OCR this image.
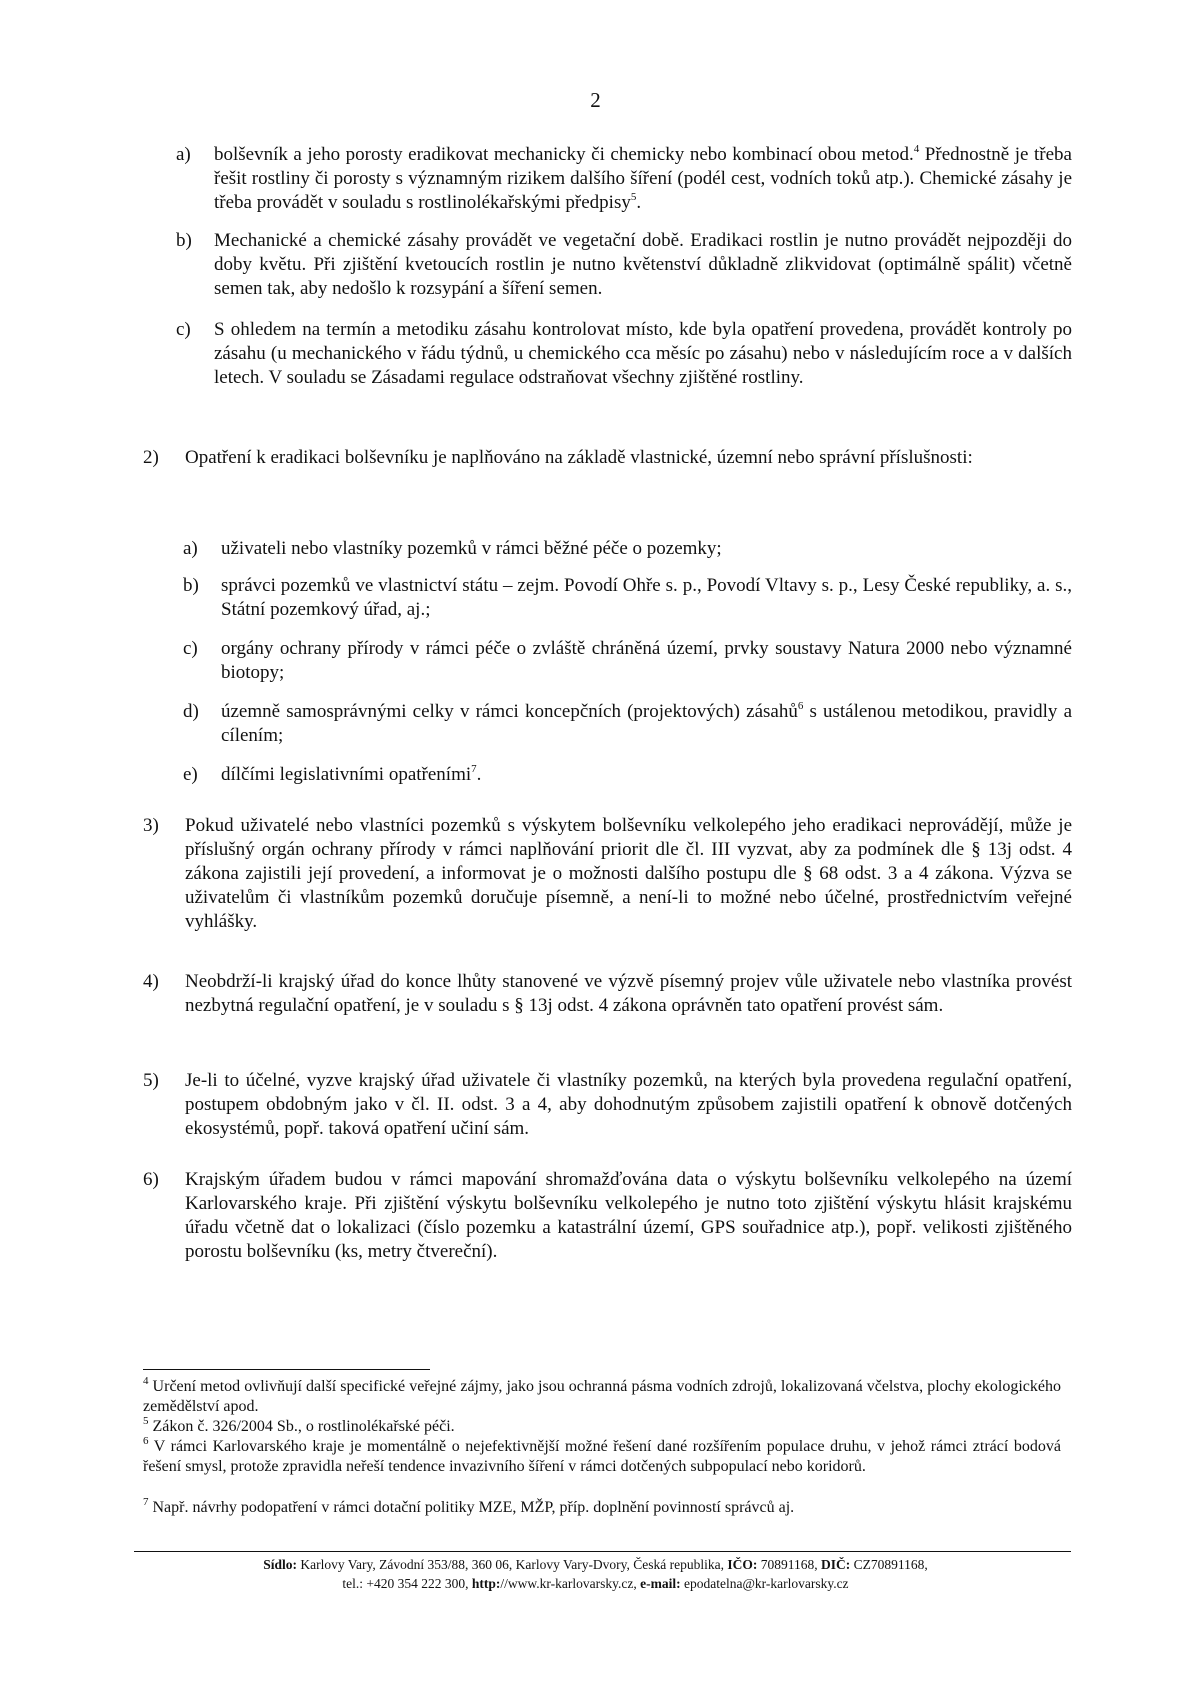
2
a) bolševník a jeho porosty eradikovat mechanicky či chemicky nebo kombinací obou metod.$^4$ Přednostně je třeba řešit rostliny či porosty s významným rizikem dalšího šíření (podél cest, vodních toků atp.). Chemické zásahy je třeba provádět v souladu s rostlinolékařskými předpisy$^5$.
b) Mechanické a chemické zásahy provádět ve vegetační době. Eradikaci rostlin je nutno provádět nejpozději do doby květu. Při zjištění kvetoucích rostlin je nutno květenství důkladně zlikvidovat (optimálně spálit) včetně semen tak, aby nedošlo k rozsypání a šíření semen.
c) S ohledem na termín a metodiku zásahu kontrolovat místo, kde byla opatření provedena, provádět kontroly po zásahu (u mechanického v řádu týdnů, u chemického cca měsíc po zásahu) nebo v následujícím roce a v dalších letech. V souladu se Zásadami regulace odstraňovat všechny zjištěné rostliny.
2) Opatření k eradikaci bolševníku je naplňováno na základě vlastnické, územní nebo správní příslušnosti:
a) uživateli nebo vlastníky pozemků v rámci běžné péče o pozemky;
b) správci pozemků ve vlastnictví státu – zejm. Povodí Ohře s. p., Povodí Vltavy s. p., Lesy České republiky, a. s., Státní pozemkový úřad, aj.;
c) orgány ochrany přírody v rámci péče o zvláště chráněná území, prvky soustavy Natura 2000 nebo významné biotopy;
d) územně samosprávnými celky v rámci koncepčních (projektových) zásahů$^6$ s ustálenou metodikou, pravidly a cílením;
e) dílčími legislativními opatřeními$^7$.
3) Pokud uživatelé nebo vlastníci pozemků s výskytem bolševníku velkolepého jeho eradikaci neprovádějí, může je příslušný orgán ochrany přírody v rámci naplňování priorit dle čl. III vyzvat, aby za podmínek dle § 13j odst. 4 zákona zajistili její provedení, a informovat je o možnosti dalšího postupu dle § 68 odst. 3 a 4 zákona. Výzva se uživatelům či vlastníkům pozemků doručuje písemně, a není-li to možné nebo účelné, prostřednictvím veřejné vyhlášky.
4) Neobdrží-li krajský úřad do konce lhůty stanovené ve výzvě písemný projev vůle uživatele nebo vlastníka provést nezbytná regulační opatření, je v souladu s § 13j odst. 4 zákona oprávněn tato opatření provést sám.
5) Je-li to účelné, vyzve krajský úřad uživatele či vlastníky pozemků, na kterých byla provedena regulační opatření, postupem obdobným jako v čl. II. odst. 3 a 4, aby dohodnutým způsobem zajistili opatření k obnově dotčených ekosystémů, popř. taková opatření učiní sám.
6) Krajským úřadem budou v rámci mapování shromažďována data o výskytu bolševníku velkolepého na území Karlovarského kraje. Při zjištění výskytu bolševníku velkolepého je nutno toto zjištění výskytu hlásit krajskému úřadu včetně dat o lokalizaci (číslo pozemku a katastrální území, GPS souřadnice atp.), popř. velikosti zjištěného porostu bolševníku (ks, metry čtvereční).
$^4$ Určení metod ovlivňují další specifické veřejné zájmy, jako jsou ochranná pásma vodních zdrojů, lokalizovaná včelstva, plochy ekologického zemědělství apod.
$^5$ Zákon č. 326/2004 Sb., o rostlinolékařské péči.
$^6$ V rámci Karlovarského kraje je momentálně o nejefektivnější možné řešení dané rozšířením populace druhu, v jehož rámci ztrácí bodová řešení smysl, protože zpravidla neřeší tendence invazivního šíření v rámci dotčených subpopulací nebo koridorů.
$^7$ Např. návrhy podopatření v rámci dotační politiky MZE, MŽP, příp. doplnění povinností správců aj.
Sídlo: Karlovy Vary, Závodní 353/88, 360 06, Karlovy Vary-Dvory, Česká republika, IČO: 70891168, DIČ: CZ70891168,
tel.: +420 354 222 300, http://www.kr-karlovarsky.cz, e-mail: epodatelna@kr-karlovarsky.cz
